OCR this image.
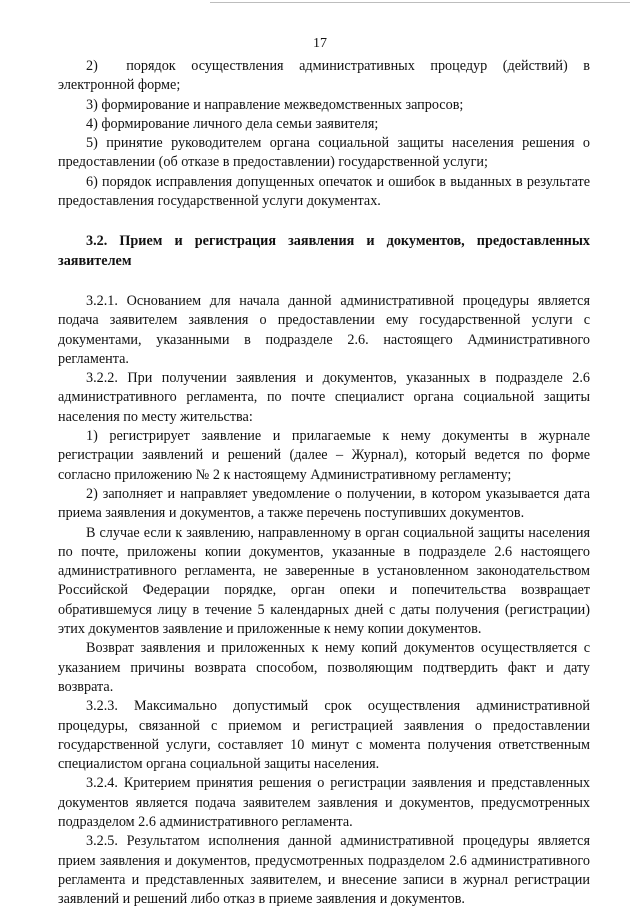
17

2)  порядок осуществления административных процедур (действий) в электронной форме;

3) формирование и направление межведомственных запросов;

4) формирование личного дела семьи заявителя;

5) принятие руководителем органа социальной защиты населения решения о предоставлении (об отказе в предоставлении) государственной услуги;

6) порядок исправления допущенных опечаток и ошибок в выданных в результате предоставления государственной услуги документах.

3.2. Прием и регистрация заявления и документов, предоставленных заявителем

3.2.1. Основанием для начала данной административной процедуры является подача заявителем заявления о предоставлении ему государственной услуги с документами, указанными в подразделе 2.6. настоящего Административного регламента.

3.2.2. При получении заявления и документов, указанных в подразделе 2.6 административного регламента, по почте специалист органа социальной защиты населения по месту жительства:

1) регистрирует заявление и прилагаемые к нему документы в журнале регистрации заявлений и решений (далее – Журнал), который ведется по форме согласно приложению № 2 к настоящему Административному регламенту;

2) заполняет и направляет уведомление о получении, в котором указывается дата приема заявления и документов, а также перечень поступивших документов.

В случае если к заявлению, направленному в орган социальной защиты населения по почте, приложены копии документов, указанные в подразделе 2.6 настоящего административного регламента, не заверенные в установленном законодательством Российской Федерации порядке, орган опеки и попечительства возвращает обратившемуся лицу в течение 5 календарных дней с даты получения (регистрации) этих документов заявление и приложенные к нему копии документов.

Возврат заявления и приложенных к нему копий документов осуществляется с указанием причины возврата способом, позволяющим подтвердить факт и дату возврата.

3.2.3. Максимально допустимый срок осуществления административной процедуры, связанной с приемом и регистрацией заявления о предоставлении государственной услуги, составляет 10 минут с момента получения ответственным специалистом органа социальной защиты населения.

3.2.4. Критерием принятия решения о регистрации заявления и представленных документов является подача заявителем заявления и документов, предусмотренных подразделом 2.6 административного регламента.

3.2.5. Результатом исполнения данной административной процедуры является прием заявления и документов, предусмотренных подразделом 2.6 административного регламента и представленных заявителем, и внесение записи в журнал регистрации заявлений и решений либо отказ в приеме заявления и документов.
